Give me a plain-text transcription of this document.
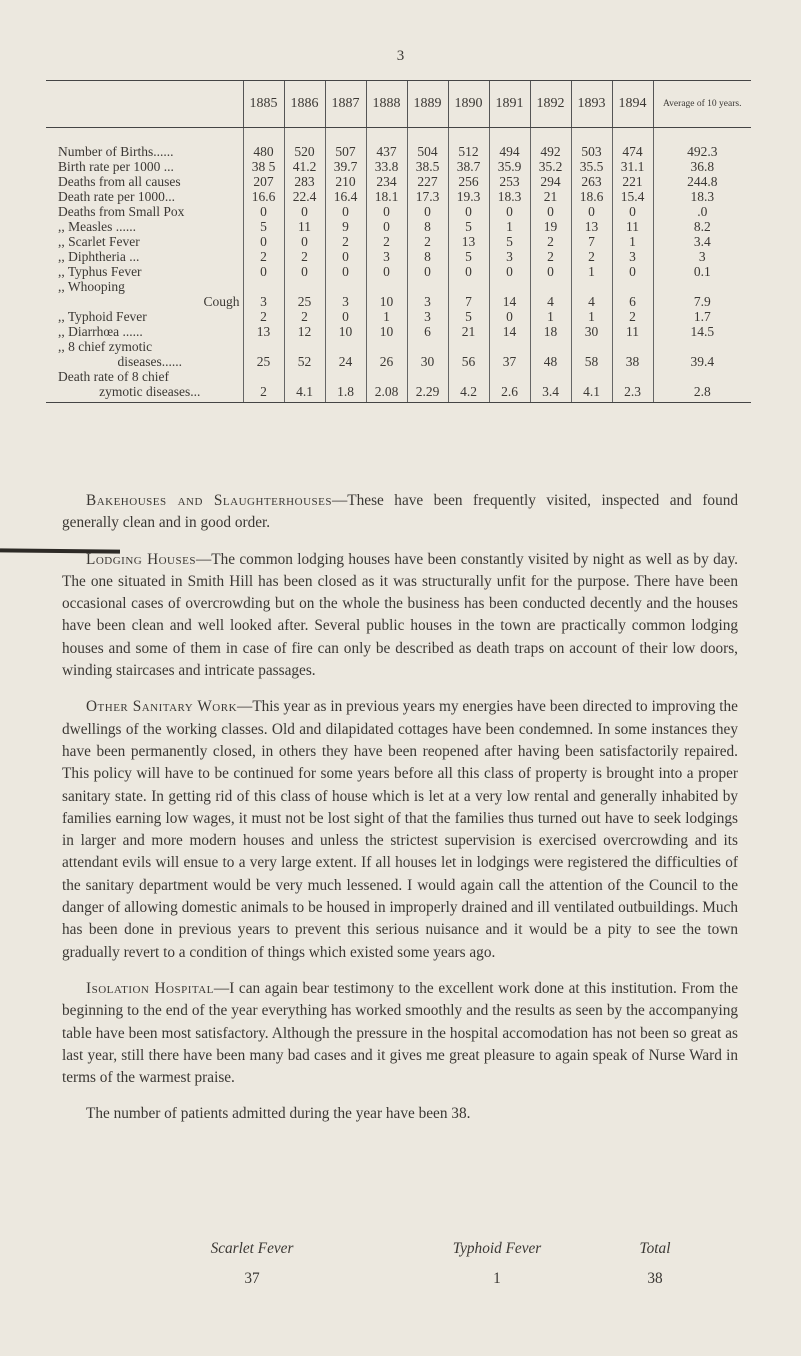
3
	1885	1886	1887	1888	1889	1890	1891	1892	1893	1894	Average of 10 years.
Number of Births......	480	520	507	437	504	512	494	492	503	474	492.3
Birth rate per 1000 ...	38 5	41.2	39.7	33.8	38.5	38.7	35.9	35.2	35.5	31.1	36.8
Deaths from all causes	207	283	210	234	227	256	253	294	263	221	244.8
Death rate per 1000...	16.6	22.4	16.4	18.1	17.3	19.3	18.3	21	18.6	15.4	18.3
Deaths from Small Pox	0	0	0	0	0	0	0	0	0	0	.0
,, Measles ......	5	11	9	0	8	5	1	19	13	11	8.2
,, Scarlet Fever	0	0	2	2	2	13	5	2	7	1	3.4
,, Diphtheria ...	2	2	0	3	8	5	3	2	2	3	3
,, Typhus Fever	0	0	0	0	0	0	0	0	1	0	0.1
,, Whooping
Cough	3	25	3	10	3	7	14	4	4	6	7.9
,, Typhoid Fever	2	2	0	1	3	5	0	1	1	2	1.7
,, Diarrhœa ......	13	12	10	10	6	21	14	18	30	11	14.5
,, 8 chief zymotic
diseases......	25	52	24	26	30	56	37	48	58	38	39.4
Death rate of 8 chief
zymotic diseases...	2	4.1	1.8	2.08	2.29	4.2	2.6	3.4	4.1	2.3	2.8

Bakehouses and Slaughterhouses—These have been frequently visited, inspected and found generally clean and in good order.

Lodging Houses—The common lodging houses have been constantly visited by night as well as by day. The one situated in Smith Hill has been closed as it was structurally unfit for the purpose. There have been occasional cases of overcrowding but on the whole the business has been conducted decently and the houses have been clean and well looked after. Several public houses in the town are practically common lodging houses and some of them in case of fire can only be described as death traps on account of their low doors, winding staircases and intricate passages.

Other Sanitary Work—This year as in previous years my energies have been directed to improving the dwellings of the working classes. Old and dilapidated cottages have been condemned. In some instances they have been permanently closed, in others they have been reopened after having been satisfactorily repaired. This policy will have to be continued for some years before all this class of property is brought into a proper sanitary state. In getting rid of this class of house which is let at a very low rental and generally inhabited by families earning low wages, it must not be lost sight of that the families thus turned out have to seek lodgings in larger and more modern houses and unless the strictest supervision is exercised overcrowding and its attendant evils will ensue to a very large extent. If all houses let in lodgings were registered the difficulties of the sanitary department would be very much lessened. I would again call the attention of the Council to the danger of allowing domestic animals to be housed in improperly drained and ill ventilated outbuildings. Much has been done in previous years to prevent this serious nuisance and it would be a pity to see the town gradually revert to a condition of things which existed some years ago.

Isolation Hospital—I can again bear testimony to the excellent work done at this institution. From the beginning to the end of the year everything has worked smoothly and the results as seen by the accompanying table have been most satisfactory. Although the pressure in the hospital accomodation has not been so great as last year, still there have been many bad cases and it gives me great pleasure to again speak of Nurse Ward in terms of the warmest praise.

The number of patients admitted during the year have been 38.

Scarlet Fever	Typhoid Fever	Total
37	1	38
